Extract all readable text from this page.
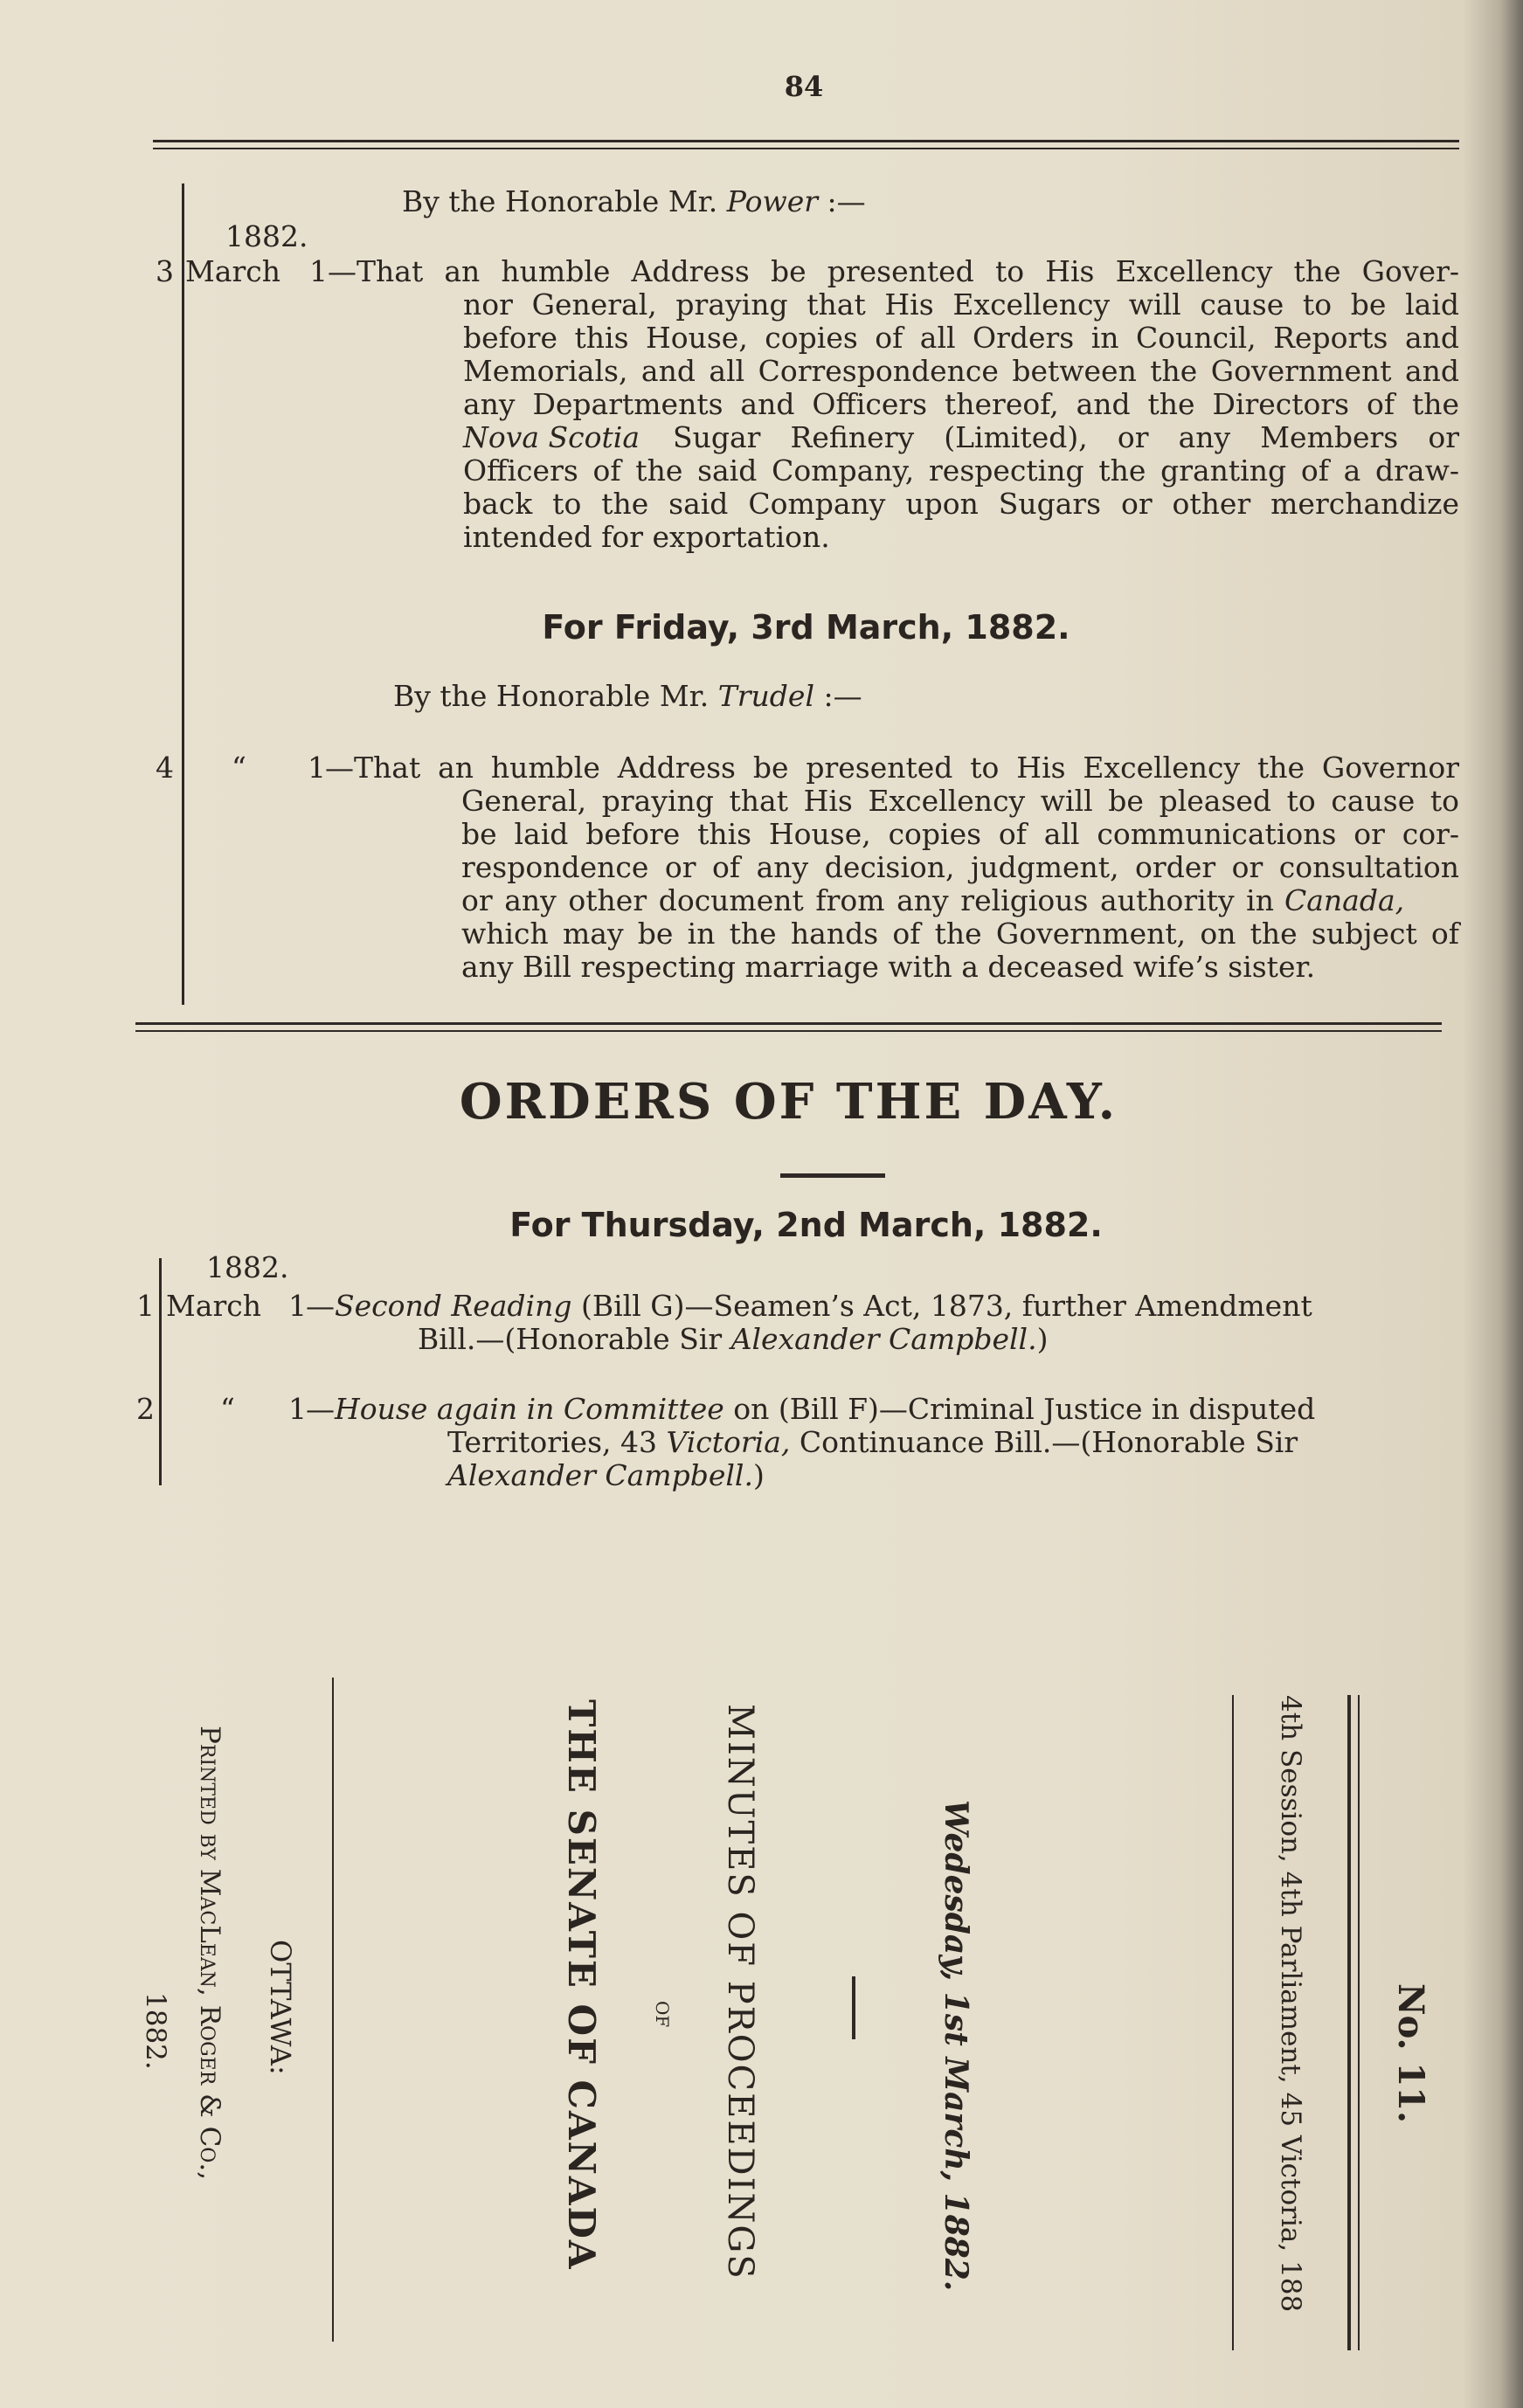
84
By the Honorable Mr. Power :—
1882.
3 March 1 —That an humble Address be presented to His Excellency the Gover-
nor General, praying that His Excellency will cause to be laid
before this House, copies of all Orders in Council, Reports and
Memorials, and all Correspondence between the Government and
any Departments and Officers thereof, and the Directors of the
Nova Scotia Sugar Refinery (Limited), or any Members or
Officers of the said Company, respecting the granting of a draw-
back to the said Company upon Sugars or other merchandize
intended for exportation.
For Friday, 3rd March, 1882.
By the Honorable Mr. Trudel :—
4 “ 1 —That an humble Address be presented to His Excellency the Governor
General, praying that His Excellency will be pleased to cause to
be laid before this House, copies of all communications or cor-
respondence or of any decision, judgment, order or consultation
or any other document from any religious authority in Canada,
which may be in the hands of the Government, on the subject of
any Bill respecting marriage with a deceased wife’s sister.
ORDERS OF THE DAY.
For Thursday, 2nd March, 1882.
1882.
1 March 1 —Second Reading (Bill G)—Seamen’s Act, 1873, further Amendment
Bill.—(Honorable Sir Alexander Campbell.)
2 “ 1 —House again in Committee on (Bill F)—Criminal Justice in disputed
Territories, 43 Victoria, Continuance Bill.—(Honorable Sir
Alexander Campbell.)
No. 11.
4th Session, 4th Parliament, 45 Victoria, 188
Wedesday, 1st March, 1882.
MINUTES OF PROCEEDINGS
OF
THE SENATE OF CANADA
OTTAWA:
Printed by MacLean, Roger & Co.,
1882.
